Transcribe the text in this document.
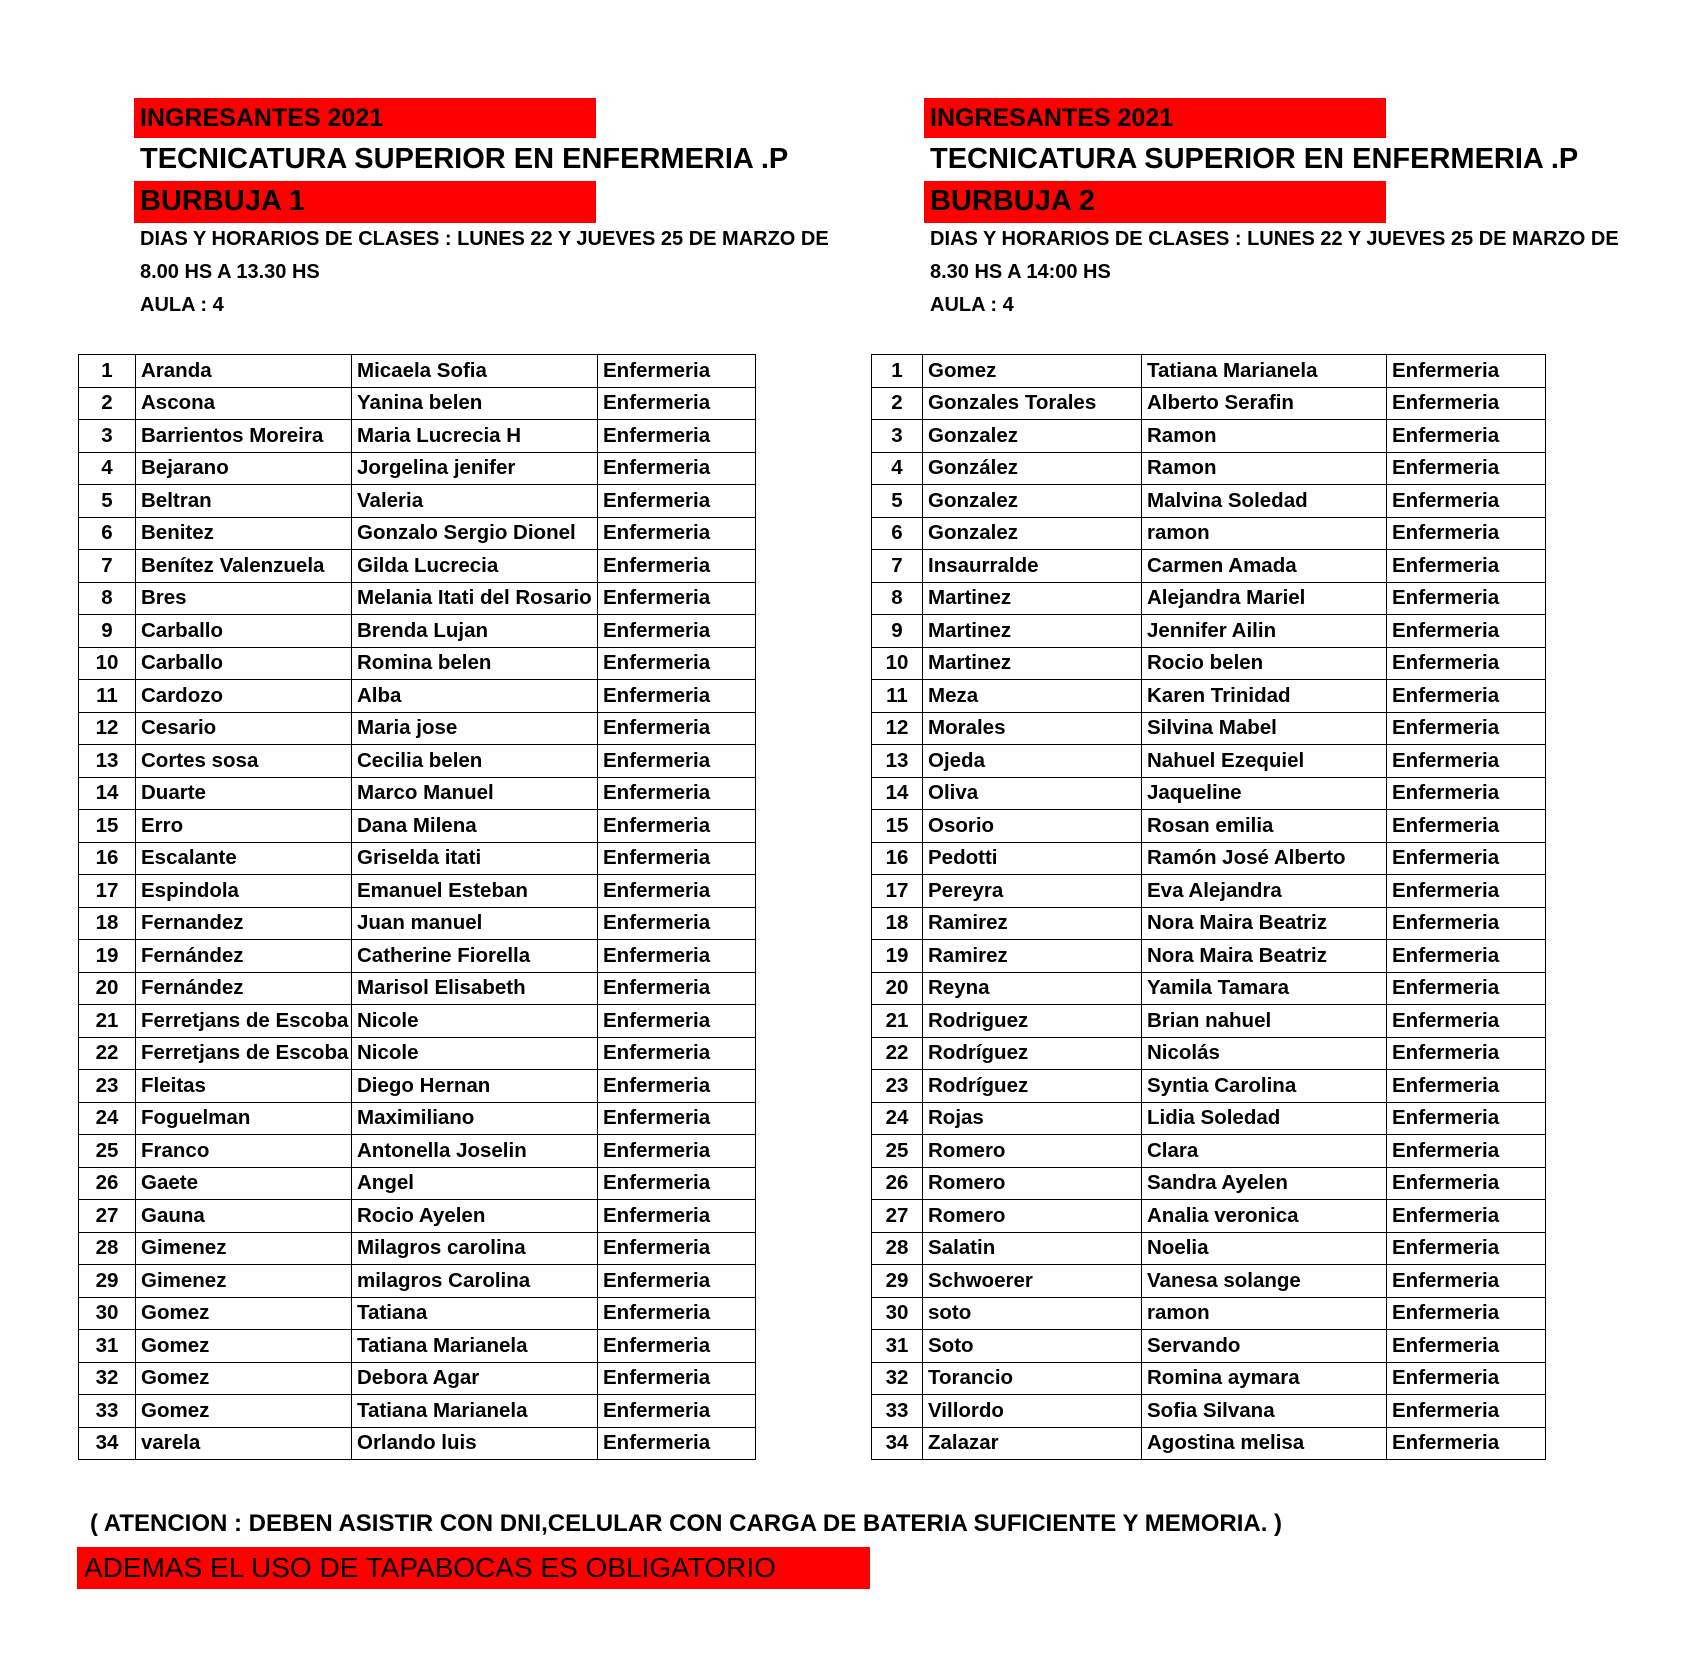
INGRESANTES 2021
TECNICATURA SUPERIOR EN ENFERMERIA .P
BURBUJA 1
DIAS Y HORARIOS DE CLASES : LUNES 22 Y JUEVES 25 DE MARZO DE
8.00 HS A 13.30 HS
AULA : 4
INGRESANTES 2021
TECNICATURA SUPERIOR EN ENFERMERIA .P
BURBUJA 2
DIAS Y HORARIOS DE CLASES : LUNES 22 Y JUEVES 25 DE MARZO DE
8.30 HS A 14:00 HS
AULA : 4
1	Aranda	Micaela Sofia	Enfermeria
2	Ascona	Yanina belen	Enfermeria
3	Barrientos Moreira	Maria Lucrecia H	Enfermeria
4	Bejarano	Jorgelina jenifer	Enfermeria
5	Beltran	Valeria	Enfermeria
6	Benitez	Gonzalo Sergio Dionel	Enfermeria
7	Benítez Valenzuela	Gilda Lucrecia	Enfermeria
8	Bres	Melania Itati del Rosario	Enfermeria
9	Carballo	Brenda Lujan	Enfermeria
10	Carballo	Romina belen	Enfermeria
11	Cardozo	Alba	Enfermeria
12	Cesario	Maria jose	Enfermeria
13	Cortes sosa	Cecilia belen	Enfermeria
14	Duarte	Marco Manuel	Enfermeria
15	Erro	Dana Milena	Enfermeria
16	Escalante	Griselda itati	Enfermeria
17	Espindola	Emanuel Esteban	Enfermeria
18	Fernandez	Juan manuel	Enfermeria
19	Fernández	Catherine Fiorella	Enfermeria
20	Fernández	Marisol Elisabeth	Enfermeria
21	Ferretjans de Escoba	Nicole	Enfermeria
22	Ferretjans de Escoba	Nicole	Enfermeria
23	Fleitas	Diego Hernan	Enfermeria
24	Foguelman	Maximiliano	Enfermeria
25	Franco	Antonella Joselin	Enfermeria
26	Gaete	Angel	Enfermeria
27	Gauna	Rocio Ayelen	Enfermeria
28	Gimenez	Milagros carolina	Enfermeria
29	Gimenez	milagros Carolina	Enfermeria
30	Gomez	Tatiana	Enfermeria
31	Gomez	Tatiana Marianela	Enfermeria
32	Gomez	Debora Agar	Enfermeria
33	Gomez	Tatiana Marianela	Enfermeria
34	varela	Orlando luis	Enfermeria
1	Gomez	Tatiana Marianela	Enfermeria
2	Gonzales Torales	Alberto Serafin	Enfermeria
3	Gonzalez	Ramon	Enfermeria
4	González	Ramon	Enfermeria
5	Gonzalez	Malvina Soledad	Enfermeria
6	Gonzalez	ramon	Enfermeria
7	Insaurralde	Carmen Amada	Enfermeria
8	Martinez	Alejandra Mariel	Enfermeria
9	Martinez	Jennifer Ailin	Enfermeria
10	Martinez	Rocio belen	Enfermeria
11	Meza	Karen Trinidad	Enfermeria
12	Morales	Silvina Mabel	Enfermeria
13	Ojeda	Nahuel Ezequiel	Enfermeria
14	Oliva	Jaqueline	Enfermeria
15	Osorio	Rosan emilia	Enfermeria
16	Pedotti	Ramón José Alberto	Enfermeria
17	Pereyra	Eva Alejandra	Enfermeria
18	Ramirez	Nora Maira Beatriz	Enfermeria
19	Ramirez	Nora Maira Beatriz	Enfermeria
20	Reyna	Yamila Tamara	Enfermeria
21	Rodriguez	Brian nahuel	Enfermeria
22	Rodríguez	Nicolás	Enfermeria
23	Rodríguez	Syntia Carolina	Enfermeria
24	Rojas	Lidia Soledad	Enfermeria
25	Romero	Clara	Enfermeria
26	Romero	Sandra Ayelen	Enfermeria
27	Romero	Analia veronica	Enfermeria
28	Salatin	Noelia	Enfermeria
29	Schwoerer	Vanesa solange	Enfermeria
30	soto	ramon	Enfermeria
31	Soto	Servando	Enfermeria
32	Torancio	Romina aymara	Enfermeria
33	Villordo	Sofia Silvana	Enfermeria
34	Zalazar	Agostina melisa	Enfermeria
( ATENCION : DEBEN ASISTIR CON DNI,CELULAR CON CARGA DE BATERIA SUFICIENTE Y MEMORIA. )
ADEMAS EL USO DE TAPABOCAS ES OBLIGATORIO
